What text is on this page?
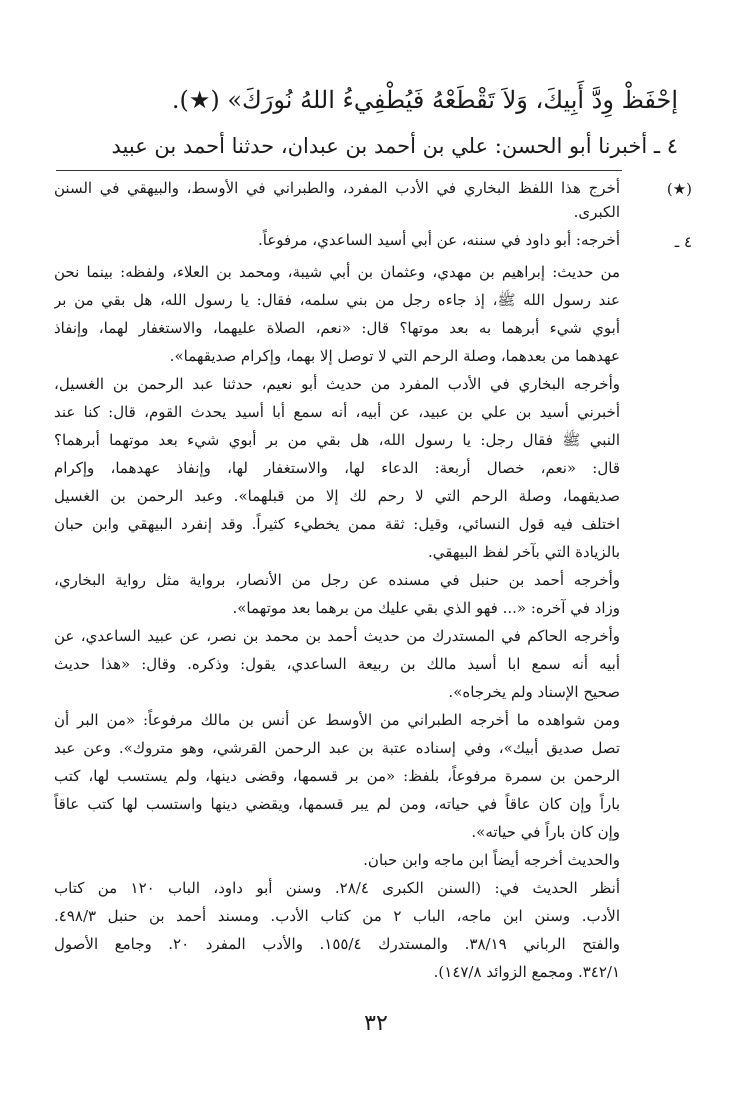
إحْفَظْ وِدَّ أَبِيكَ، وَلاَ تَقْطَعْهُ فَيُطْفِيءُ اللهُ نُورَكَ» (★).
٤ ـ أخبرنا أبو الحسن: علي بن أحمد بن عبدان، حدثنا أحمد بن عبيد
(★)
أخرج هذا اللفظ البخاري في الأدب المفرد، والطبراني في الأوسط، والبيهقي في السنن
الكبرى.
٤ ـ
أخرجه: أبو داود في سننه، عن أبي أسيد الساعدي، مرفوعاً.
من حديث: إبراهيم بن مهدي، وعثمان بن أبي شيبة، ومحمد بن العلاء، ولفظه: بينما نحن
عند رسول الله ﷺ، إذ جاءه رجل من بني سلمه، فقال: يا رسول الله، هل بقي من بر
أبوي شيء أبرهما به بعد موتها؟ قال: «نعم، الصلاة عليهما، والاستغفار لهما، وإنفاذ
عهدهما من بعدهما، وصلة الرحم التي لا توصل إلا بهما، وإكرام صديقهما».
وأخرجه البخاري في الأدب المفرد من حديث أبو نعيم، حدثنا عبد الرحمن بن الغسيل،
أخبرني أسيد بن علي بن عبيد، عن أبيه، أنه سمع أبا أسيد يحدث القوم، قال: كنا عند
النبي ﷺ فقال رجل: يا رسول الله، هل بقي من بر أبوي شيء بعد موتهما أبرهما؟
قال: «نعم، خصال أربعة: الدعاء لها، والاستغفار لها، وإنفاذ عهدهما، وإكرام
صديقهما، وصلة الرحم التي لا رحم لك إلا من قبلهما». وعبد الرحمن بن الغسيل
اختلف فيه قول النسائي، وقيل: ثقة ممن يخطيء كثيراً. وقد إنفرد البيهقي وابن حبان
بالزيادة التي بآخر لفظ البيهقي.
وأخرجه أحمد بن حنبل في مسنده عن رجل من الأنصار، برواية مثل رواية البخاري،
وزاد في آخره: «... فهو الذي بقي عليك من برهما بعد موتهما».
وأخرجه الحاكم في المستدرك من حديث أحمد بن محمد بن نصر، عن عبيد الساعدي، عن
أبيه أنه سمع ابا أسيد مالك بن ربيعة الساعدي، يقول: وذكره. وقال: «هذا حديث
صحيح الإسناد ولم يخرجاه».
ومن شواهده ما أخرجه الطبراني من الأوسط عن أنس بن مالك مرفوعاً: «من البر أن
تصل صديق أبيك»، وفي إسناده عتبة بن عبد الرحمن القرشي، وهو متروك». وعن عبد
الرحمن بن سمرة مرفوعاً، بلفظ: «من بر قسمها، وقضى دينها، ولم يستسب لها، كتب
باراً وإن كان عاقاً في حياته، ومن لم يبر قسمها، ويقضي دينها واستسب لها كتب عاقاً
وإن كان باراً في حياته».
والحديث أخرجه أيضاً ابن ماجه وابن حبان.
أنظر الحديث في: (السنن الكبرى ٢٨/٤. وسنن أبو داود، الباب ١٢٠ من كتاب
الأدب. وسنن ابن ماجه، الباب ٢ من كتاب الأدب. ومسند أحمد بن حنبل ٤٩٨/٣.
والفتح الرباني ٣٨/١٩. والمستدرك ١٥٥/٤. والأدب المفرد ٢٠. وجامع الأصول
٣٤٢/١. ومجمع الزوائد ١٤٧/٨).
٣٢
